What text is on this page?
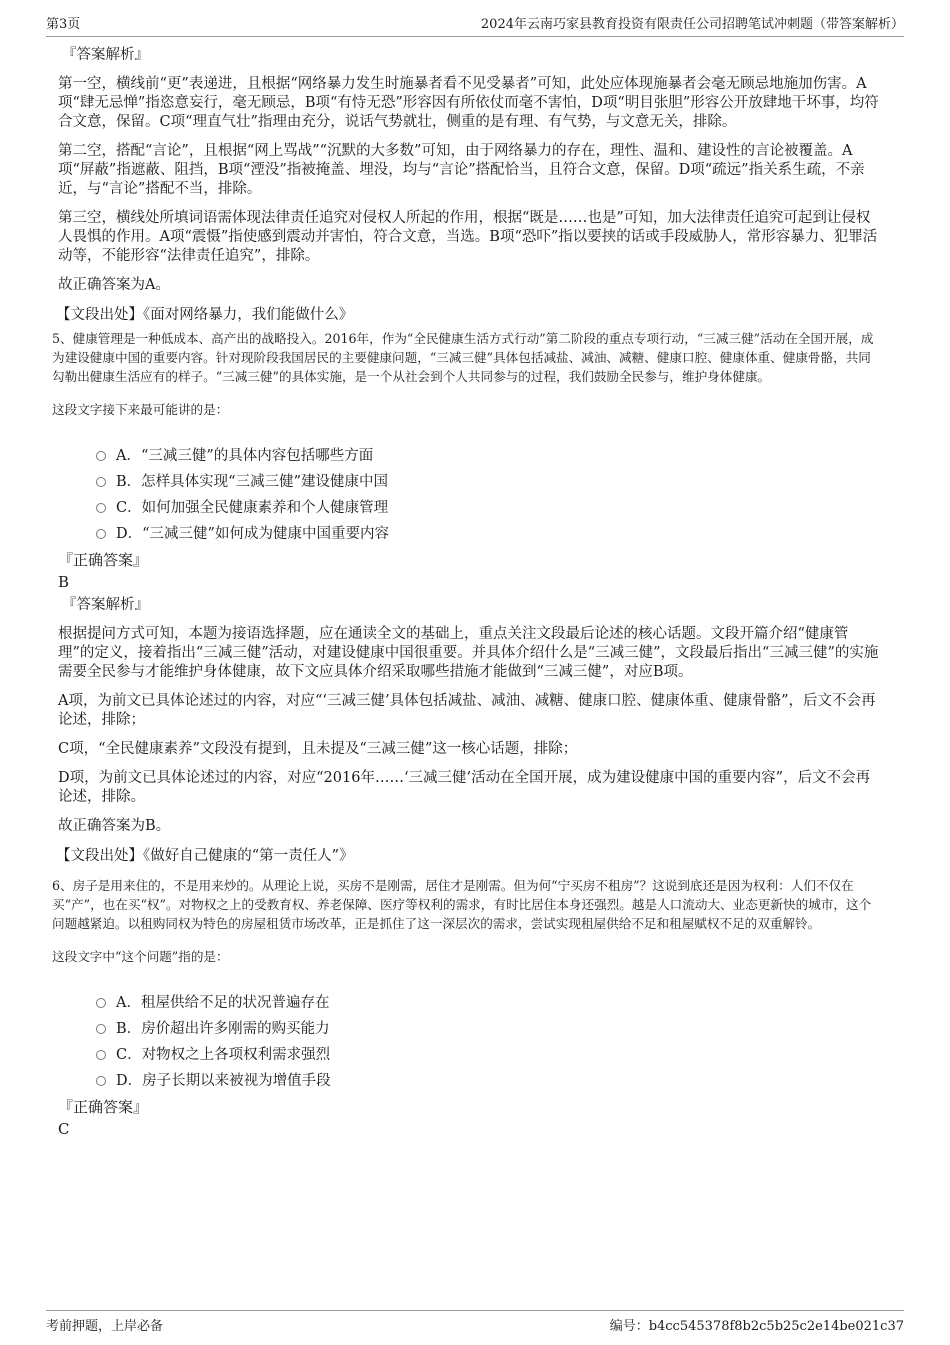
第3页	2024年云南巧家县教育投资有限责任公司招聘笔试冲刺题（带答案解析）
『答案解析』

第一空，横线前“更”表递进，且根据“网络暴力发生时施暴者看不见受暴者”可知，此处应体现施暴者会毫无顾忌地施加伤害。A项“肆无忌惮”指恣意妄行，毫无顾忌，B项“有恃无恐”形容因有所依仗而毫不害怕，D项“明目张胆”形容公开放肆地干坏事，均符合文意，保留。C项“理直气壮”指理由充分，说话气势就壮，侧重的是有理、有气势，与文意无关，排除。

第二空，搭配“言论”，且根据“网上骂战”“沉默的大多数”可知，由于网络暴力的存在，理性、温和、建设性的言论被覆盖。A项“屏蔽”指遮蔽、阻挡，B项“湮没”指被掩盖、埋没，均与“言论”搭配恰当，且符合文意，保留。D项“疏远”指关系生疏，不亲近，与“言论”搭配不当，排除。

第三空，横线处所填词语需体现法律责任追究对侵权人所起的作用，根据“既是……也是”可知，加大法律责任追究可起到让侵权人畏惧的作用。A项“震慑”指使感到震动并害怕，符合文意，当选。B项“恐吓”指以要挟的话或手段威胁人，常形容暴力、犯罪活动等，不能形容“法律责任追究”，排除。

故正确答案为A。

【文段出处】《面对网络暴力，我们能做什么》

5、健康管理是一种低成本、高产出的战略投入。2016年，作为“全民健康生活方式行动”第二阶段的重点专项行动，“三减三健”活动在全国开展，成为建设健康中国的重要内容。针对现阶段我国居民的主要健康问题，“三减三健”具体包括减盐、减油、减糖、健康口腔、健康体重、健康骨骼，共同勾勒出健康生活应有的样子。“三减三健”的具体实施，是一个从社会到个人共同参与的过程，我们鼓励全民参与，维护身体健康。

这段文字接下来最可能讲的是：

A． “三减三健”的具体内容包括哪些方面
B． 怎样具体实现“三减三健”建设健康中国
C． 如何加强全民健康素养和个人健康管理
D． “三减三健”如何成为健康中国重要内容
『正确答案』
B
『答案解析』

根据提问方式可知，本题为接语选择题，应在通读全文的基础上，重点关注文段最后论述的核心话题。文段开篇介绍“健康管理”的定义，接着指出“三减三健”活动，对建设健康中国很重要。并具体介绍什么是“三减三健”，文段最后指出“三减三健”的实施需要全民参与才能维护身体健康，故下文应具体介绍采取哪些措施才能做到“三减三健”，对应B项。

A项，为前文已具体论述过的内容，对应“‘三减三健’具体包括减盐、减油、减糖、健康口腔、健康体重、健康骨骼”，后文不会再论述，排除；

C项，“全民健康素养”文段没有提到，且未提及“三减三健”这一核心话题，排除；

D项，为前文已具体论述过的内容，对应“2016年……‘三减三健’活动在全国开展，成为建设健康中国的重要内容”，后文不会再论述，排除。

故正确答案为B。

【文段出处】《做好自己健康的“第一责任人”》

6、房子是用来住的，不是用来炒的。从理论上说，买房不是刚需，居住才是刚需。但为何“宁买房不租房”？这说到底还是因为权利：人们不仅在买“产”，也在买“权”。对物权之上的受教育权、养老保障、医疗等权利的需求，有时比居住本身还强烈。越是人口流动大、业态更新快的城市，这个问题越紧迫。以租购同权为特色的房屋租赁市场改革，正是抓住了这一深层次的需求，尝试实现租屋供给不足和租屋赋权不足的双重解铃。

这段文字中“这个问题”指的是：

A． 租屋供给不足的状况普遍存在
B． 房价超出许多刚需的购买能力
C． 对物权之上各项权利需求强烈
D． 房子长期以来被视为增值手段
『正确答案』
C
考前押题，上岸必备	编号：b4cc545378f8b2c5b25c2e14be021c37
